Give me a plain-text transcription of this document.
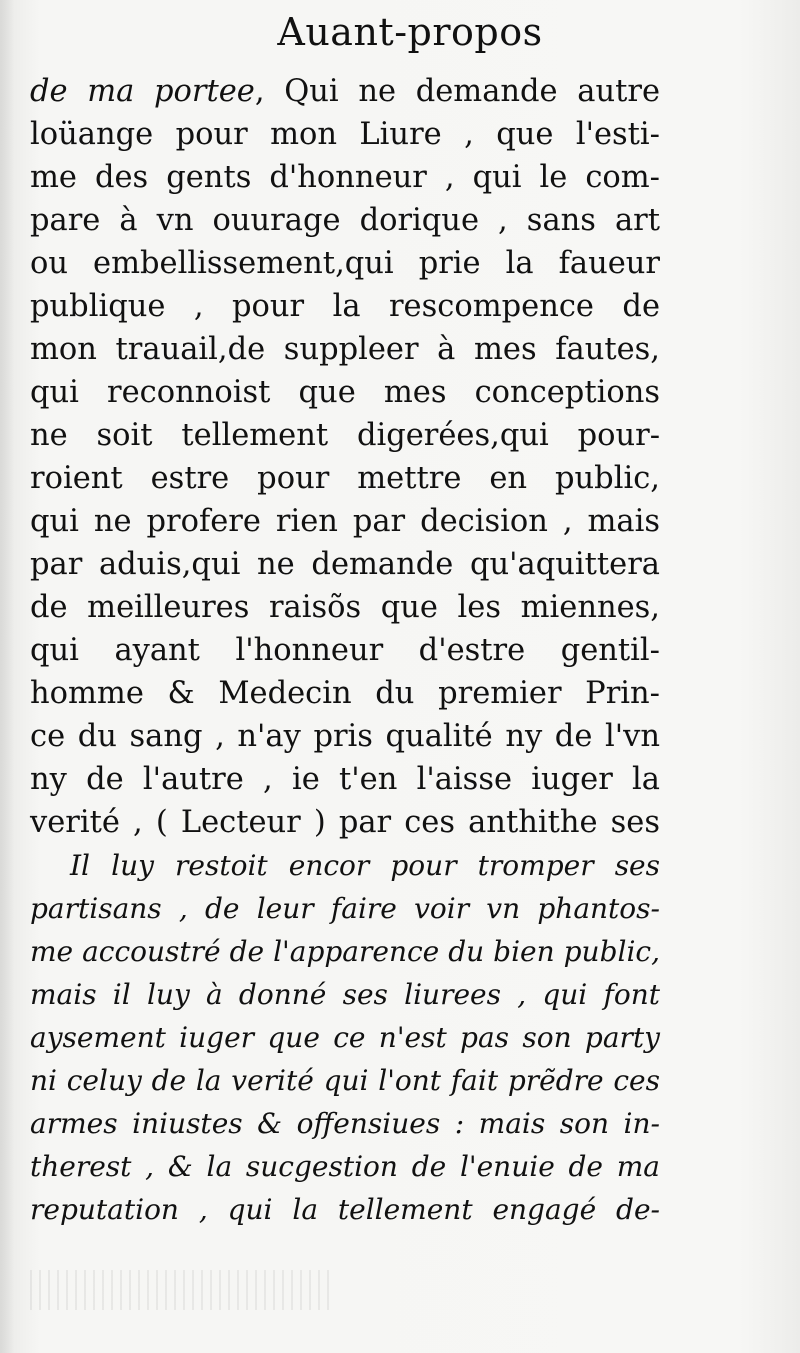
Auant-propos
de ma portee, Qui ne demande autre
loüange pour mon Liure , que l'esti-
me des gents d'honneur , qui le com-
pare à vn ouurage dorique , sans art
ou embellissement,qui prie la faueur
publique , pour la rescompence de
mon trauail,de suppleer à mes fautes,
qui reconnoist que mes conceptions
ne soit tellement digerées,qui pour-
roient estre pour mettre en public,
qui ne profere rien par decision , mais
par aduis,qui ne demande qu'aquittera
de meilleures raisõs que les miennes,
qui ayant l'honneur d'estre gentil-
homme & Medecin du premier Prin-
ce du sang , n'ay pris qualité ny de l'vn
ny de l'autre , ie t'en l'aisse iuger la
verité , ( Lecteur ) par ces anthithe ses
Il luy restoit encor pour tromper ses
partisans , de leur faire voir vn phantos-
me accoustré de l'apparence du bien public,
mais il luy à donné ses liurees , qui font
aysement iuger que ce n'est pas son party
ni celuy de la verité qui l'ont fait prẽdre ces
armes iniustes & offensiues : mais son in-
therest , & la sucgestion de l'enuie de ma
reputation , qui la tellement engagé de-
